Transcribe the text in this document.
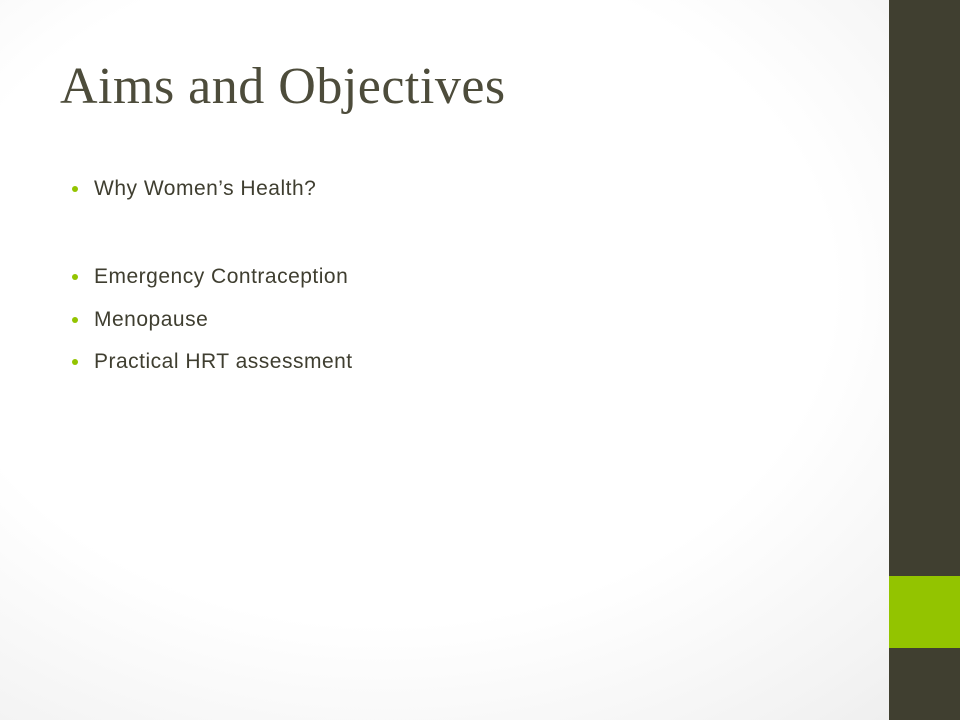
Aims and Objectives
Why Women’s Health?
Emergency Contraception
Menopause
Practical HRT assessment
